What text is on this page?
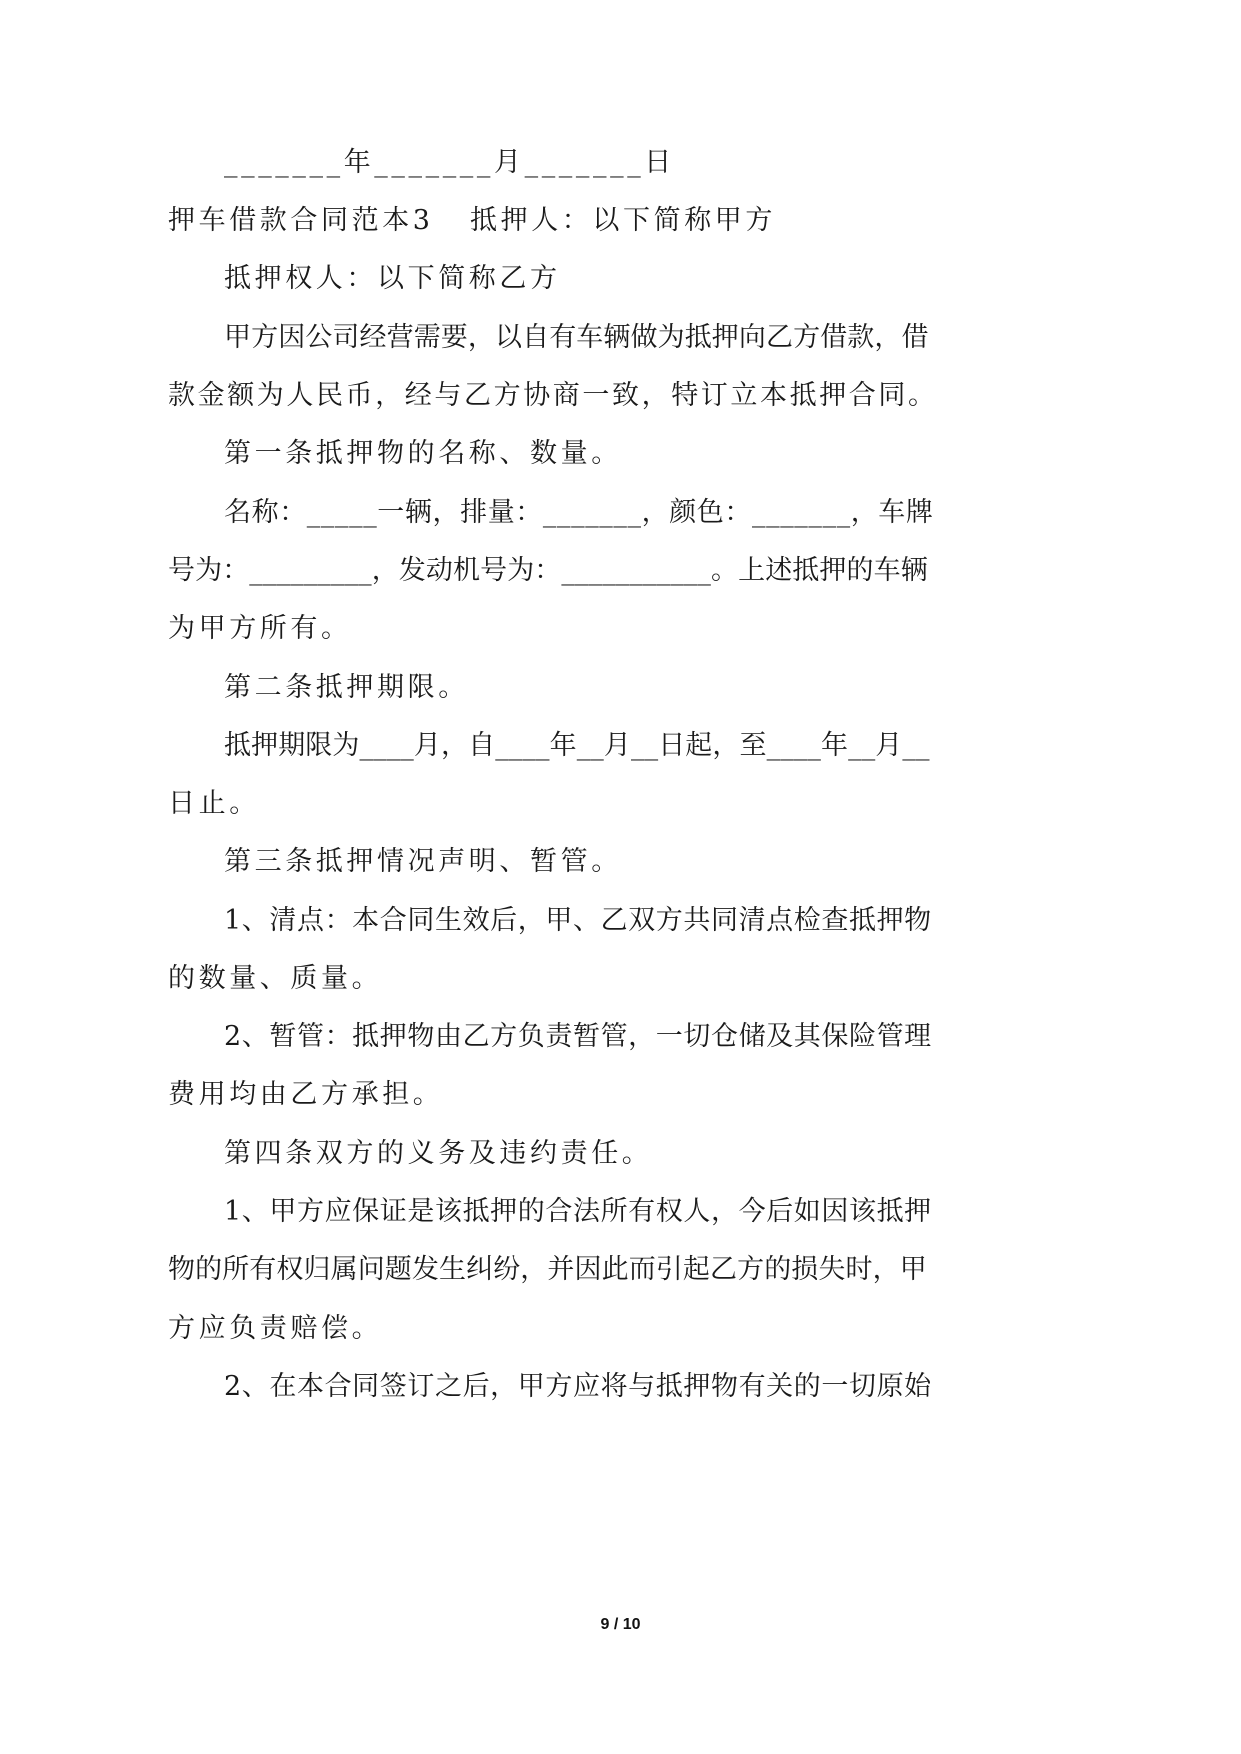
_______年_______月_______日

押车借款合同范本3

抵押人：以下简称甲方

抵押权人：以下简称乙方

甲方因公司经营需要，以自有车辆做为抵押向乙方借款，借

款金额为人民币，经与乙方协商一致，特订立本抵押合同。

第一条抵押物的名称、数量。

名称：_____一辆，排量：_______，颜色：_______，车牌

号为：_________，发动机号为：___________。上述抵押的车辆

为甲方所有。

第二条抵押期限。

抵押期限为____月，自____年__月__日起，至____年__月__

日止。

第三条抵押情况声明、暂管。

1、清点：本合同生效后，甲、乙双方共同清点检查抵押物

的数量、质量。

2、暂管：抵押物由乙方负责暂管，一切仓储及其保险管理

费用均由乙方承担。

第四条双方的义务及违约责任。

1、甲方应保证是该抵押的合法所有权人，今后如因该抵押

物的所有权归属问题发生纠纷，并因此而引起乙方的损失时，甲

方应负责赔偿。

2、在本合同签订之后，甲方应将与抵押物有关的一切原始

9 / 10
